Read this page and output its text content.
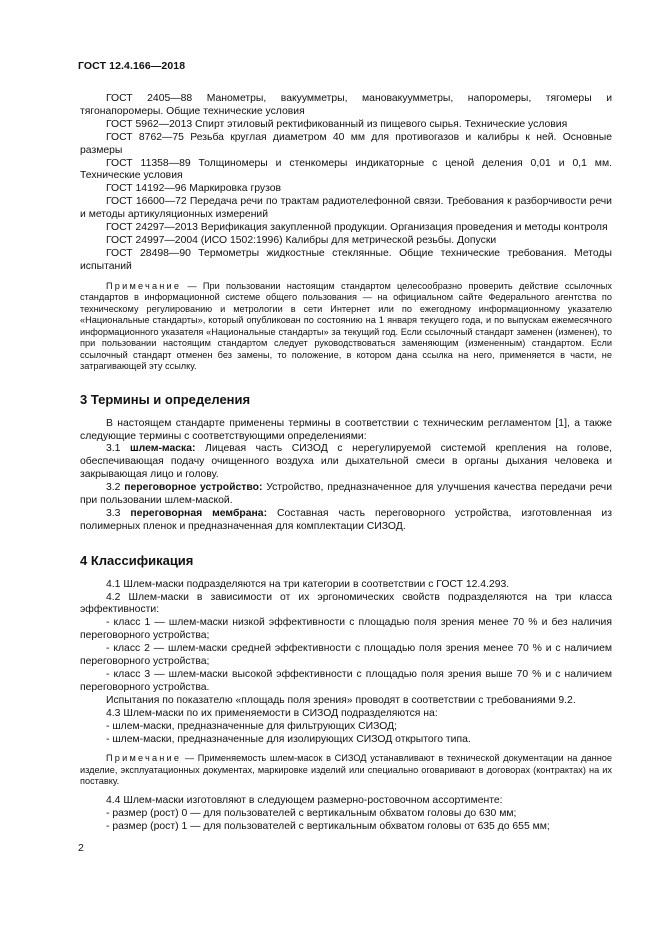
ГОСТ 12.4.166—2018

ГОСТ 2405—88 Манометры, вакуумметры, мановакуумметры, напоромеры, тягомеры и тягонапоромеры. Общие технические условия

ГОСТ 5962—2013 Спирт этиловый ректификованный из пищевого сырья. Технические условия

ГОСТ 8762—75 Резьба круглая диаметром 40 мм для противогазов и калибры к ней. Основные размеры

ГОСТ 11358—89 Толщиномеры и стенкомеры индикаторные с ценой деления 0,01 и 0,1 мм. Технические условия

ГОСТ 14192—96 Маркировка грузов

ГОСТ 16600—72 Передача речи по трактам радиотелефонной связи. Требования к разборчивости речи и методы артикуляционных измерений

ГОСТ 24297—2013 Верификация закупленной продукции. Организация проведения и методы контроля

ГОСТ 24997—2004 (ИСО 1502:1996) Калибры для метрической резьбы. Допуски

ГОСТ 28498—90 Термометры жидкостные стеклянные. Общие технические требования. Методы испытаний

Примечание — При пользовании настоящим стандартом целесообразно проверить действие ссылочных стандартов в информационной системе общего пользования — на официальном сайте Федерального агентства по техническому регулированию и метрологии в сети Интернет или по ежегодному информационному указателю «Национальные стандарты», который опубликован по состоянию на 1 января текущего года, и по выпускам ежемесячного информационного указателя «Национальные стандарты» за текущий год. Если ссылочный стандарт заменен (изменен), то при пользовании настоящим стандартом следует руководствоваться заменяющим (измененным) стандартом. Если ссылочный стандарт отменен без замены, то положение, в котором дана ссылка на него, применяется в части, не затрагивающей эту ссылку.

3 Термины и определения

В настоящем стандарте применены термины в соответствии с техническим регламентом [1], а также следующие термины с соответствующими определениями:

3.1 шлем-маска: Лицевая часть СИЗОД с нерегулируемой системой крепления на голове, обеспечивающая подачу очищенного воздуха или дыхательной смеси в органы дыхания человека и закрывающая лицо и голову.

3.2 переговорное устройство: Устройство, предназначенное для улучшения качества передачи речи при пользовании шлем-маской.

3.3 переговорная мембрана: Составная часть переговорного устройства, изготовленная из полимерных пленок и предназначенная для комплектации СИЗОД.

4 Классификация

4.1 Шлем-маски подразделяются на три категории в соответствии с ГОСТ 12.4.293.

4.2 Шлем-маски в зависимости от их эргономических свойств подразделяются на три класса эффективности:

- класс 1 — шлем-маски низкой эффективности с площадью поля зрения менее 70 % и без наличия переговорного устройства;

- класс 2 — шлем-маски средней эффективности с площадью поля зрения менее 70 % и с наличием переговорного устройства;

- класс 3 — шлем-маски высокой эффективности с площадью поля зрения выше 70 % и с наличием переговорного устройства.

Испытания по показателю «площадь поля зрения» проводят в соответствии с требованиями 9.2.

4.3 Шлем-маски по их применяемости в СИЗОД подразделяются на:

- шлем-маски, предназначенные для фильтрующих СИЗОД;

- шлем-маски, предназначенные для изолирующих СИЗОД открытого типа.

Примечание — Применяемость шлем-масок в СИЗОД устанавливают в технической документации на данное изделие, эксплуатационных документах, маркировке изделий или специально оговаривают в договорах (контрактах) на их поставку.

4.4 Шлем-маски изготовляют в следующем размерно-ростовочном ассортименте:

- размер (рост) 0 — для пользователей с вертикальным обхватом головы до 630 мм;

- размер (рост) 1 — для пользователей с вертикальным обхватом головы от 635 до 655 мм;

2
